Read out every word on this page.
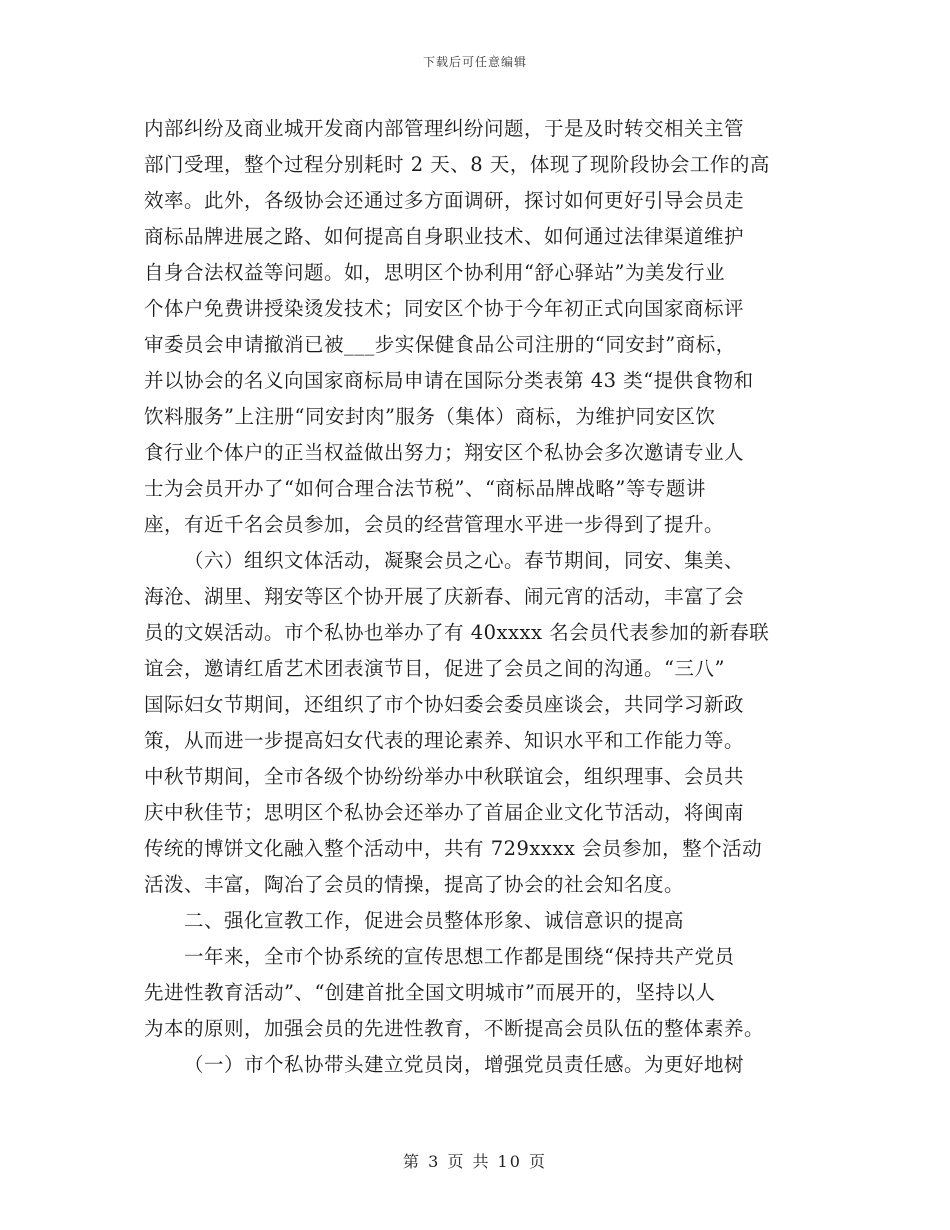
下载后可任意编辑
内部纠纷及商业城开发商内部管理纠纷问题，于是及时转交相关主管
部门受理，整个过程分别耗时 2 天、8 天，体现了现阶段协会工作的高
效率。此外，各级协会还通过多方面调研，探讨如何更好引导会员走
商标品牌进展之路、如何提高自身职业技术、如何通过法律渠道维护
自身合法权益等问题。如，思明区个协利用“舒心驿站”为美发行业
个体户免费讲授染烫发技术；同安区个协于今年初正式向国家商标评
审委员会申请撤消已被___步实保健食品公司注册的“同安封”商标，
并以协会的名义向国家商标局申请在国际分类表第 43 类“提供食物和
饮料服务”上注册“同安封肉”服务（集体）商标，为维护同安区饮
食行业个体户的正当权益做出努力；翔安区个私协会多次邀请专业人
士为会员开办了“如何合理合法节税”、“商标品牌战略”等专题讲
座，有近千名会员参加，会员的经营管理水平进一步得到了提升。
（六）组织文体活动，凝聚会员之心。春节期间，同安、集美、
海沧、湖里、翔安等区个协开展了庆新春、闹元宵的活动，丰富了会
员的文娱活动。市个私协也举办了有 40xxxx 名会员代表参加的新春联
谊会，邀请红盾艺术团表演节目，促进了会员之间的沟通。“三八”
国际妇女节期间，还组织了市个协妇委会委员座谈会，共同学习新政
策，从而进一步提高妇女代表的理论素养、知识水平和工作能力等。
中秋节期间，全市各级个协纷纷举办中秋联谊会，组织理事、会员共
庆中秋佳节；思明区个私协会还举办了首届企业文化节活动，将闽南
传统的博饼文化融入整个活动中，共有 729xxxx 会员参加，整个活动
活泼、丰富，陶冶了会员的情操，提高了协会的社会知名度。
二、强化宣教工作，促进会员整体形象、诚信意识的提高
一年来，全市个协系统的宣传思想工作都是围绕“保持共产党员
先进性教育活动”、“创建首批全国文明城市”而展开的，坚持以人
为本的原则，加强会员的先进性教育，不断提高会员队伍的整体素养。
（一）市个私协带头建立党员岗，增强党员责任感。为更好地树
第 3 页 共 10 页
